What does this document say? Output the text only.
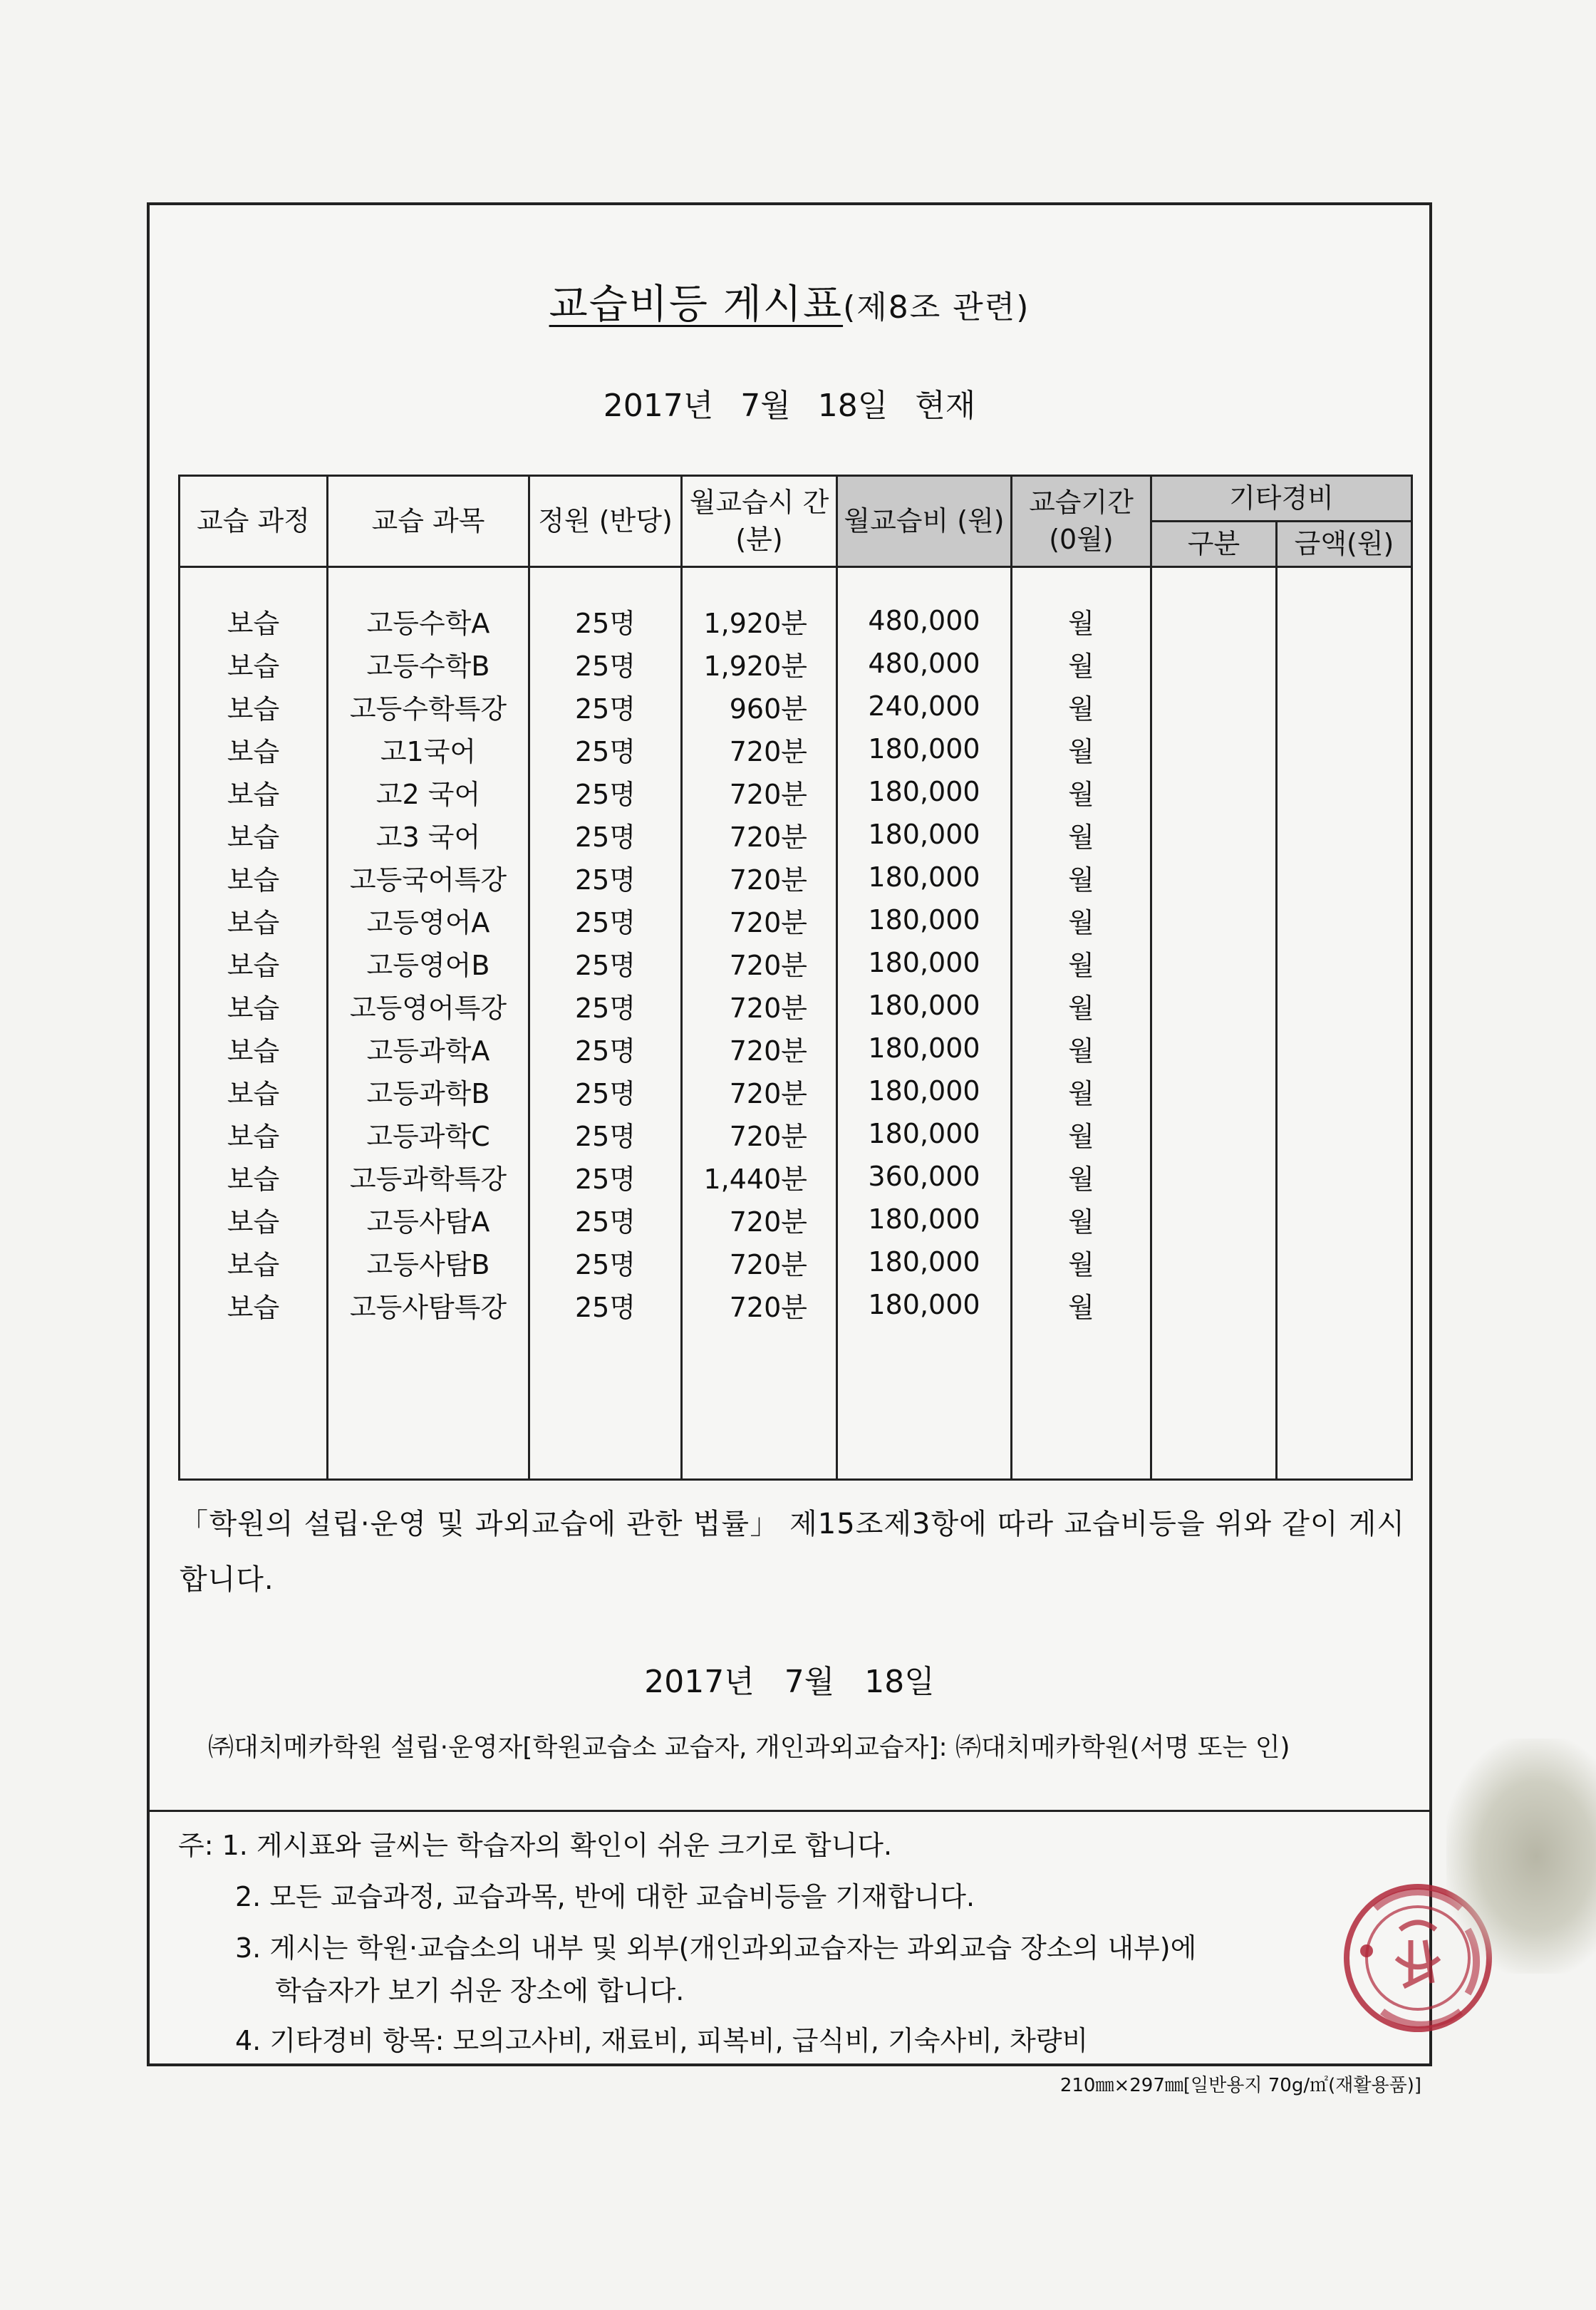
교습비등 게시표(제8조 관련)
2017년 7월 18일 현재
교습 과정	교습 과목	정원 (반당)	월교습시 간(분)	월교습비 (원)	교습기간 (0월)	기타경비	
						구분	금액(원)

보습	고등수학A	25명	1,920분	480,000	월		
보습	고등수학B	25명	1,920분	480,000	월		
보습	고등수학특강	25명	960분	240,000	월		
보습	고1국어	25명	720분	180,000	월		
보습	고2 국어	25명	720분	180,000	월		
보습	고3 국어	25명	720분	180,000	월		
보습	고등국어특강	25명	720분	180,000	월		
보습	고등영어A	25명	720분	180,000	월		
보습	고등영어B	25명	720분	180,000	월		
보습	고등영어특강	25명	720분	180,000	월		
보습	고등과학A	25명	720분	180,000	월		
보습	고등과학B	25명	720분	180,000	월		
보습	고등과학C	25명	720분	180,000	월		
보습	고등과학특강	25명	1,440분	360,000	월		
보습	고등사탐A	25명	720분	180,000	월		
보습	고등사탐B	25명	720분	180,000	월		
보습	고등사탐특강	25명	720분	180,000	월		

「학원의 설립·운영 및 과외교습에 관한 법률」 제15조제3항에 따라 교습비등을 위와 같이 게시합니다.
2017년 7월 18일
㈜대치메카학원 설립·운영자[학원교습소 교습자, 개인과외교습자]: ㈜대치메카학원(서명 또는 인)
주: 1. 게시표와 글씨는 학습자의 확인이 쉬운 크기로 합니다.
2. 모든 교습과정, 교습과목, 반에 대한 교습비등을 기재합니다.
3. 게시는 학원·교습소의 내부 및 외부(개인과외교습자는 과외교습 장소의 내부)에
학습자가 보기 쉬운 장소에 합니다.
4. 기타경비 항목: 모의고사비, 재료비, 피복비, 급식비, 기숙사비, 차량비
210㎜×297㎜[일반용지 70g/㎡(재활용품)]
